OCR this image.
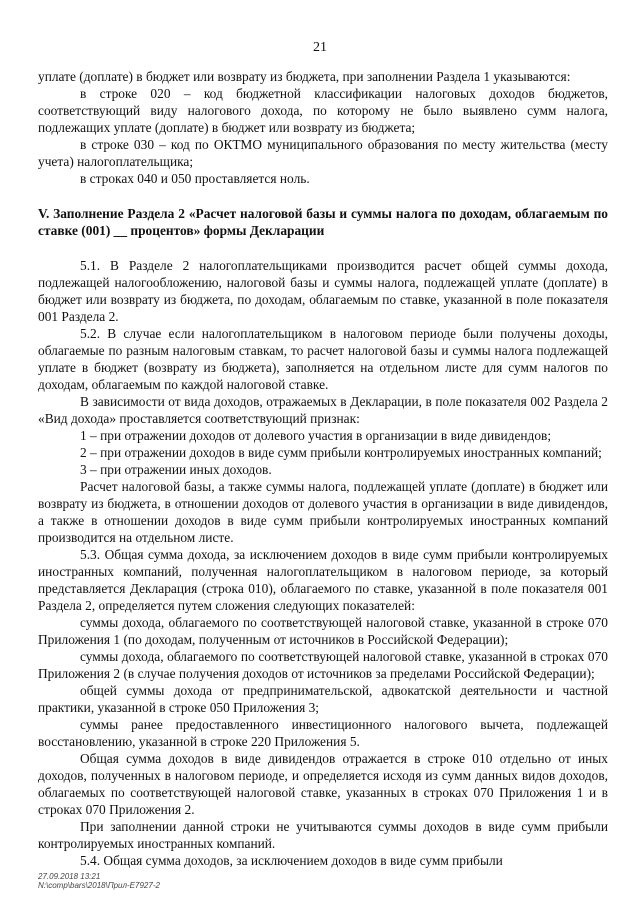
21

уплате (доплате) в бюджет или возврату из бюджета, при заполнении Раздела 1 указываются:

в строке 020 – код бюджетной классификации налоговых доходов бюджетов, соответствующий виду налогового дохода, по которому не было выявлено сумм налога, подлежащих уплате (доплате) в бюджет или возврату из бюджета;

в строке 030 – код по ОКТМО муниципального образования по месту жительства (месту учета) налогоплательщика;

в строках 040 и 050 проставляется ноль.

V. Заполнение Раздела 2 «Расчет налоговой базы и суммы налога по доходам, облагаемым по ставке (001) __ процентов» формы Декларации

5.1. В Разделе 2 налогоплательщиками производится расчет общей суммы дохода, подлежащей налогообложению, налоговой базы и суммы налога, подлежащей уплате (доплате) в бюджет или возврату из бюджета, по доходам, облагаемым по ставке, указанной в поле показателя 001 Раздела 2.

5.2. В случае если налогоплательщиком в налоговом периоде были получены доходы, облагаемые по разным налоговым ставкам, то расчет налоговой базы и суммы налога подлежащей уплате в бюджет (возврату из бюджета), заполняется на отдельном листе для сумм налогов по доходам, облагаемым по каждой налоговой ставке.

В зависимости от вида доходов, отражаемых в Декларации, в поле показателя 002 Раздела 2 «Вид дохода» проставляется соответствующий признак:

1 – при отражении доходов от долевого участия в организации в виде дивидендов;

2 – при отражении доходов в виде сумм прибыли контролируемых иностранных компаний;

3 – при отражении иных доходов.

Расчет налоговой базы, а также суммы налога, подлежащей уплате (доплате) в бюджет или возврату из бюджета, в отношении доходов от долевого участия в организации в виде дивидендов, а также в отношении доходов в виде сумм прибыли контролируемых иностранных компаний производится на отдельном листе.

5.3. Общая сумма дохода, за исключением доходов в виде сумм прибыли контролируемых иностранных компаний, полученная налогоплательщиком в налоговом периоде, за который представляется Декларация (строка 010), облагаемого по ставке, указанной в поле показателя 001 Раздела 2, определяется путем сложения следующих показателей:

суммы дохода, облагаемого по соответствующей налоговой ставке, указанной в строке 070 Приложения 1 (по доходам, полученным от источников в Российской Федерации);

суммы дохода, облагаемого по соответствующей налоговой ставке, указанной в строках 070 Приложения 2 (в случае получения доходов от источников за пределами Российской Федерации);

общей суммы дохода от предпринимательской, адвокатской деятельности и частной практики, указанной в строке 050 Приложения 3;

суммы ранее предоставленного инвестиционного налогового вычета, подлежащей восстановлению, указанной в строке 220 Приложения 5.

Общая сумма доходов в виде дивидендов отражается в строке 010 отдельно от иных доходов, полученных в налоговом периоде, и определяется исходя из сумм данных видов доходов, облагаемых по соответствующей налоговой ставке, указанных в строках 070 Приложения 1 и в строках 070 Приложения 2.

При заполнении данной строки не учитываются суммы доходов в виде сумм прибыли контролируемых иностранных компаний.

5.4. Общая сумма доходов, за исключением доходов в виде сумм прибыли

27.09.2018 13:21
N:\comp\bars\2018\Прил-E7927-2
